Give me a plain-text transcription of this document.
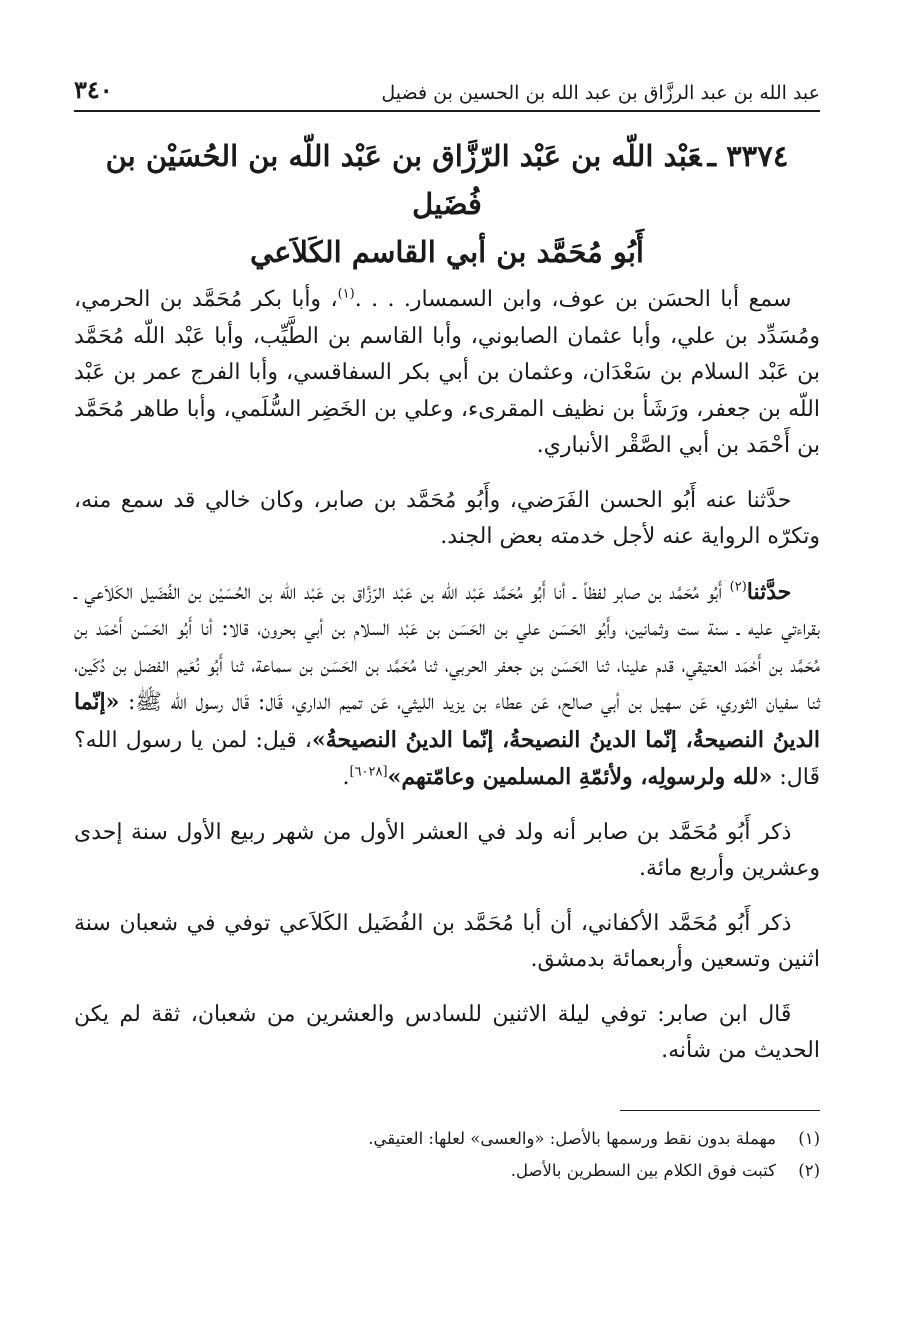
عبد الله بن عبد الرزَّاق بن عبد الله بن الحسين بن فضيل
٣٤٠
٣٣٧٤ ـعَبْد اللّه بن عَبْد الرّزَّاق بن عَبْد اللّه بن الحُسَيْن بن فُضَيل
أَبُو مُحَمَّد بن أبي القاسم الكَلاَعي

سمع أبا الحسَن بن عوف، وابن السمسار. . . .$^{(١)}$، وأبا بكر مُحَمَّد بن الحرمي، ومُسَدِّد بن علي، وأبا عثمان الصابوني، وأبا القاسم بن الطَّيِّب، وأبا عَبْد اللّه مُحَمَّد بن عَبْد السلام بن سَعْدَان، وعثمان بن أبي بكر السفاقسي، وأبا الفرج عمر بن عَبْد اللّه بن جعفر، ورَشَأ بن نظيف المقرىء، وعلي بن الخَضِر السُّلَمي، وأبا طاهر مُحَمَّد بن أَحْمَد بن أبي الصَّقْر الأنباري.

حدَّثنا عنه أَبُو الحسن الفَرَضي، وأَبُو مُحَمَّد بن صابر، وكان خالي قد سمع منه، وتكرّه الرواية عنه لأجل خدمته بعض الجند.

حدَّثنا$^{(٢)}$ أَبُو مُحَمَّد بن صابر لفظاً ـ أنا أَبُو مُحَمَّد عَبْد اللّه بن عَبْد الرّزَّاق بن عَبْد اللّه بن الحُسَيْن بن الفُضَيل الكَلاَعي ـ بقراءتي عليه ـ سنة ست وثمانين، وأَبُو الحَسَن علي بن الحَسَن بن عَبْد السلام بن أبي بحرون، قالا: أنا أَبُو الحَسَن أَحْمَد بن مُحَمَّد بن أَحْمَد العتيقي، قدم علينا، ثنا الحَسَن بن جعفر الحربي، ثنا مُحَمَّد بن الحَسَن بن سماعة، ثنا أَبُو نُعَيم الفضل بن دُكَين، ثنا سفيان الثوري، عَن سهيل بن أبي صالح، عَن عطاء بن يزيد الليثي، عَن تميم الداري، قَال: قَال رسول الله ﷺ: «إنّما الدينُ النصيحةُ، إنّما الدينُ النصيحةُ، إنّما الدينُ النصيحةُ»، قيل: لمن يا رسول الله؟ قَال: «لله ولرسولِه، ولأئمّةِ المسلمين وعامّتهم»[٦٠٢٨].

ذكر أَبُو مُحَمَّد بن صابر أنه ولد في العشر الأول من شهر ربيع الأول سنة إحدى وعشرين وأربع مائة.

ذكر أَبُو مُحَمَّد الأكفاني، أن أبا مُحَمَّد بن الفُضَيل الكَلاَعي توفي في شعبان سنة اثنين وتسعين وأربعمائة بدمشق.

قَال ابن صابر: توفي ليلة الاثنين للسادس والعشرين من شعبان، ثقة لم يكن الحديث من شأنه.

(١)
مهملة بدون نقط ورسمها بالأصل: «والعسى» لعلها: العتيقي.
(٢)
كتبت فوق الكلام بين السطرين بالأصل.
